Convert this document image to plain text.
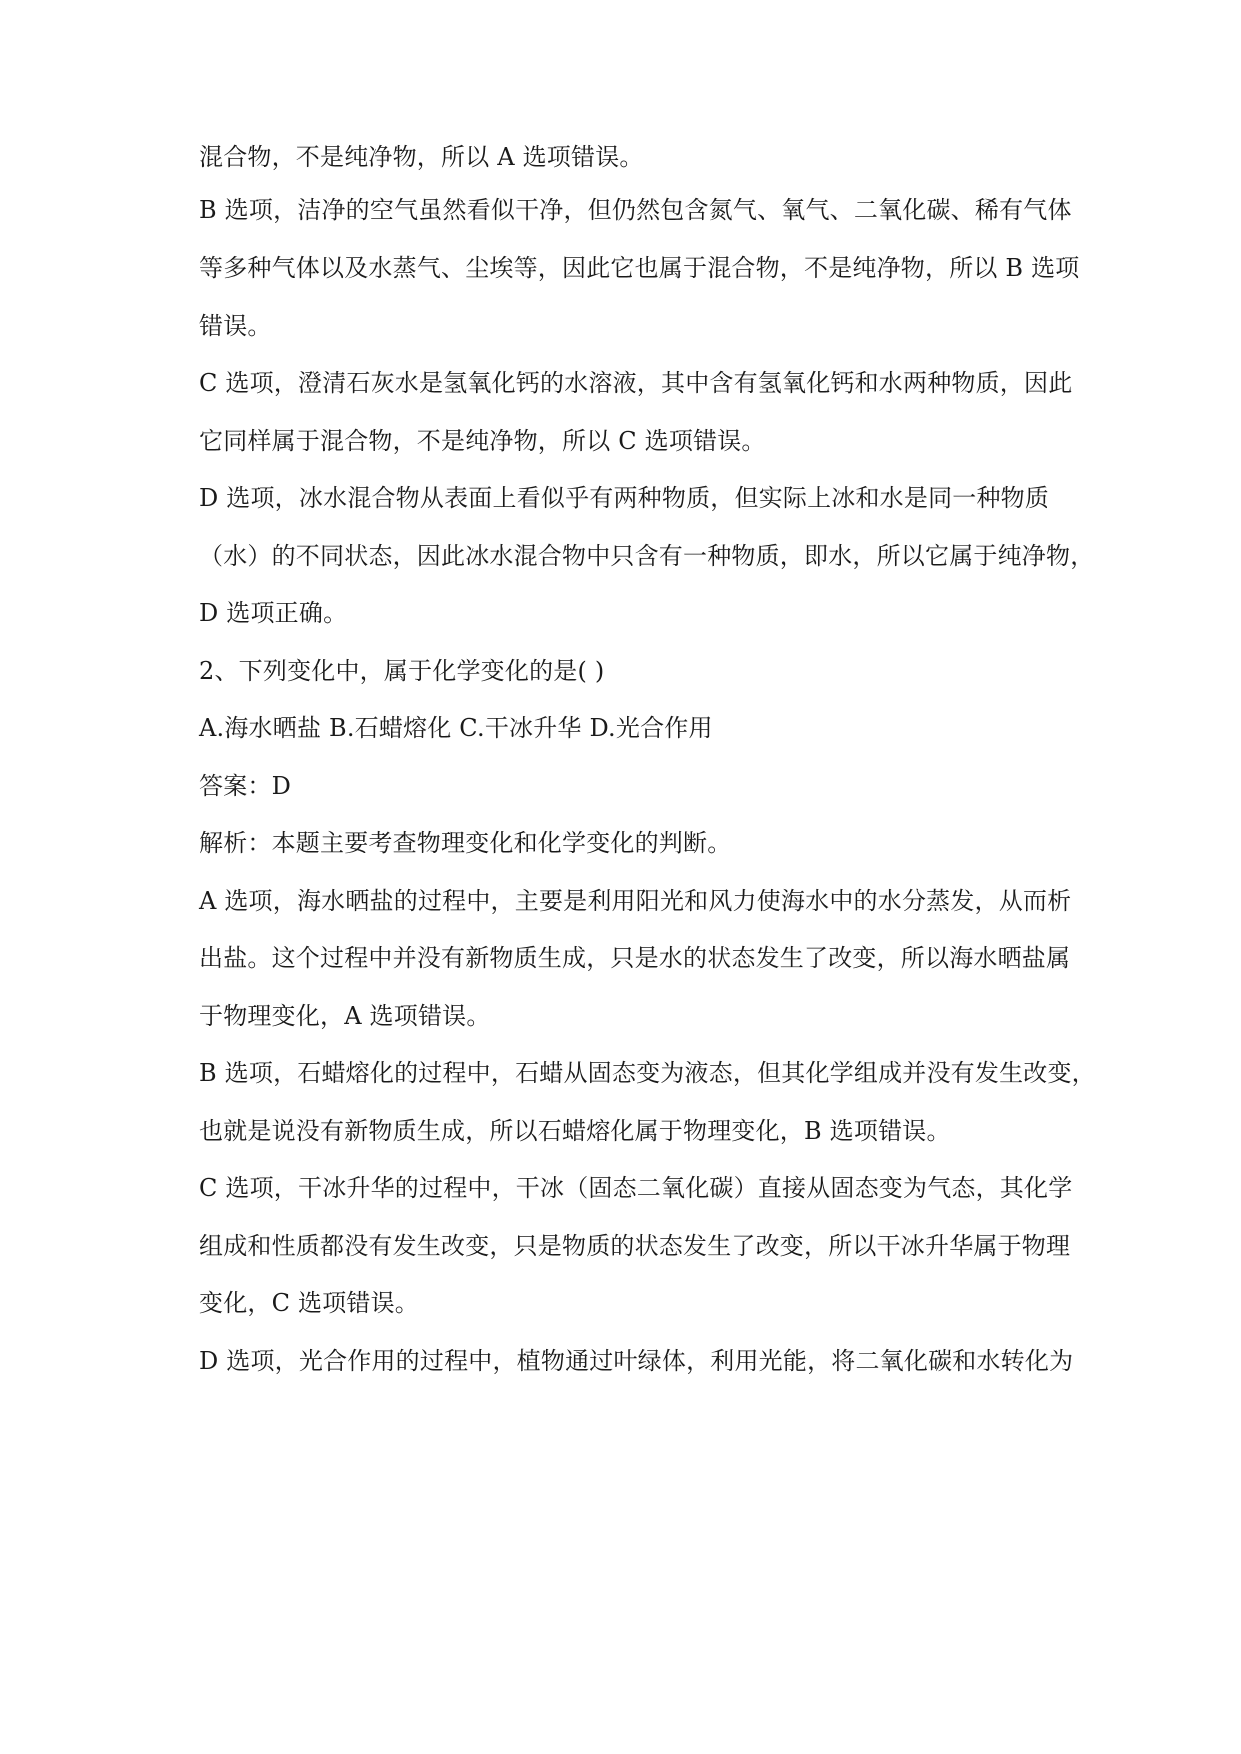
混合物，不是纯净物，所以 A 选项错误。
B 选项，洁净的空气虽然看似干净，但仍然包含氮气、氧气、二氧化碳、稀有气体
等多种气体以及水蒸气、尘埃等，因此它也属于混合物，不是纯净物，所以 B 选项
错误。
C 选项，澄清石灰水是氢氧化钙的水溶液，其中含有氢氧化钙和水两种物质，因此
它同样属于混合物，不是纯净物，所以 C 选项错误。
D 选项，冰水混合物从表面上看似乎有两种物质，但实际上冰和水是同一种物质
（水）的不同状态，因此冰水混合物中只含有一种物质，即水，所以它属于纯净物，
D 选项正确。
2、下列变化中，属于化学变化的是( )
A.海水晒盐 B.石蜡熔化 C.干冰升华 D.光合作用
答案：D
解析：本题主要考查物理变化和化学变化的判断。
A 选项，海水晒盐的过程中，主要是利用阳光和风力使海水中的水分蒸发，从而析
出盐。这个过程中并没有新物质生成，只是水的状态发生了改变，所以海水晒盐属
于物理变化，A 选项错误。
B 选项，石蜡熔化的过程中，石蜡从固态变为液态，但其化学组成并没有发生改变，
也就是说没有新物质生成，所以石蜡熔化属于物理变化，B 选项错误。
C 选项，干冰升华的过程中，干冰（固态二氧化碳）直接从固态变为气态，其化学
组成和性质都没有发生改变，只是物质的状态发生了改变，所以干冰升华属于物理
变化，C 选项错误。
D 选项，光合作用的过程中，植物通过叶绿体，利用光能，将二氧化碳和水转化为
